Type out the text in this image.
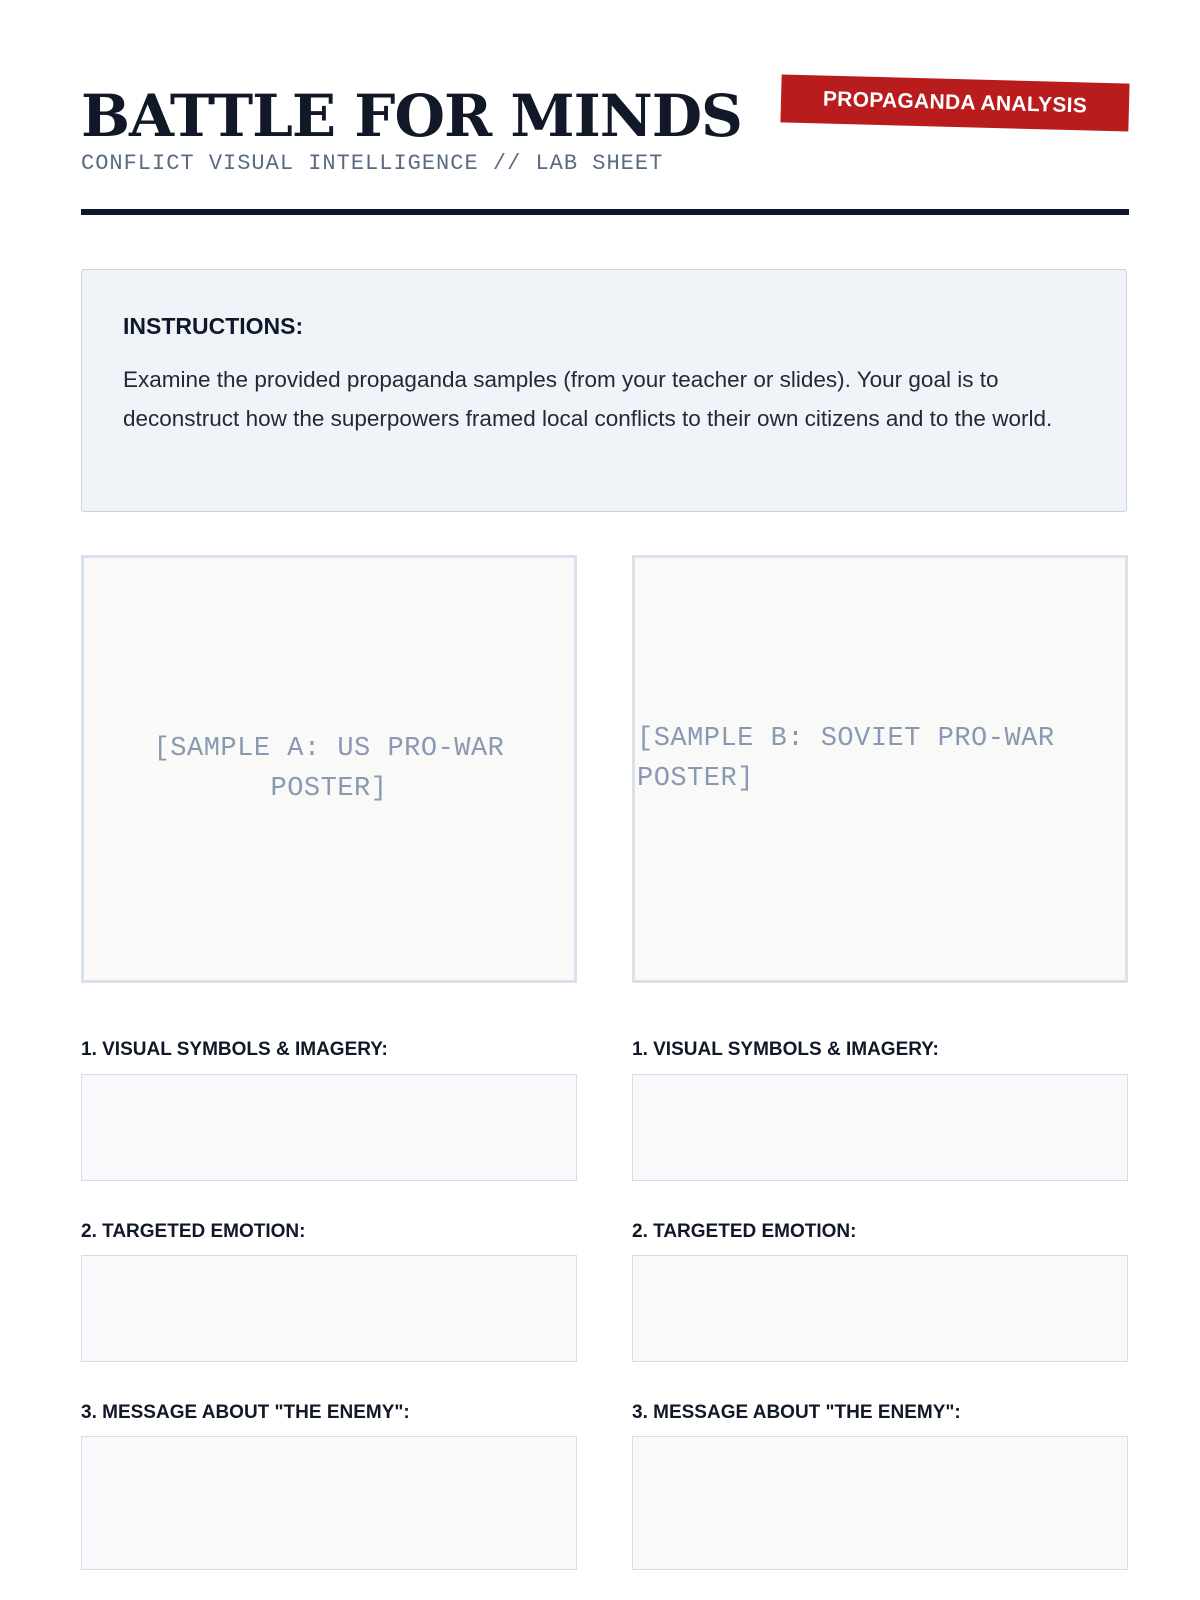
BATTLE FOR MINDS
CONFLICT VISUAL INTELLIGENCE // LAB SHEET
PROPAGANDA ANALYSIS
INSTRUCTIONS:

Examine the provided propaganda samples (from your teacher or slides). Your goal is to deconstruct how the superpowers framed local conflicts to their own citizens and to the world.

[SAMPLE A: US PRO-WAR POSTER]
[SAMPLE B: SOVIET PRO-WAR POSTER]
1. VISUAL SYMBOLS & IMAGERY:
2. TARGETED EMOTION:
3. MESSAGE ABOUT "THE ENEMY":
1. VISUAL SYMBOLS & IMAGERY:
2. TARGETED EMOTION:
3. MESSAGE ABOUT "THE ENEMY":
